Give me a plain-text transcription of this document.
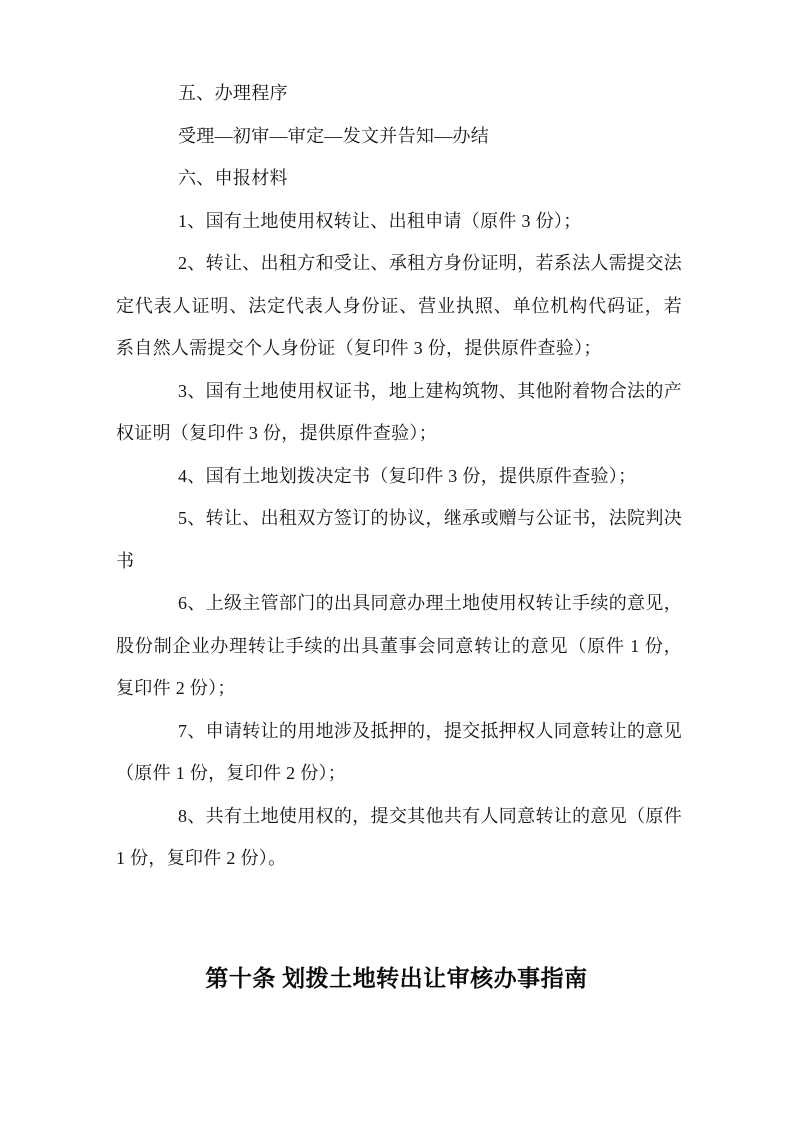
五、办理程序

受理—初审—审定—发文并告知—办结

六、申报材料

1、国有土地使用权转让、出租申请（原件 3 份）；

2、转让、出租方和受让、承租方身份证明，若系法人需提交法定代表人证明、法定代表人身份证、营业执照、单位机构代码证，若系自然人需提交个人身份证（复印件 3 份，提供原件查验）；

3、国有土地使用权证书，地上建构筑物、其他附着物合法的产权证明（复印件 3 份，提供原件查验）；

4、国有土地划拨决定书（复印件 3 份，提供原件查验）；

5、转让、出租双方签订的协议，继承或赠与公证书，法院判决书

6、上级主管部门的出具同意办理土地使用权转让手续的意见，股份制企业办理转让手续的出具董事会同意转让的意见（原件 1 份，复印件 2 份）；

7、申请转让的用地涉及抵押的，提交抵押权人同意转让的意见（原件 1 份，复印件 2 份）；

8、共有土地使用权的，提交其他共有人同意转让的意见（原件 1 份，复印件 2 份）。

第十条 划拨土地转出让审核办事指南
